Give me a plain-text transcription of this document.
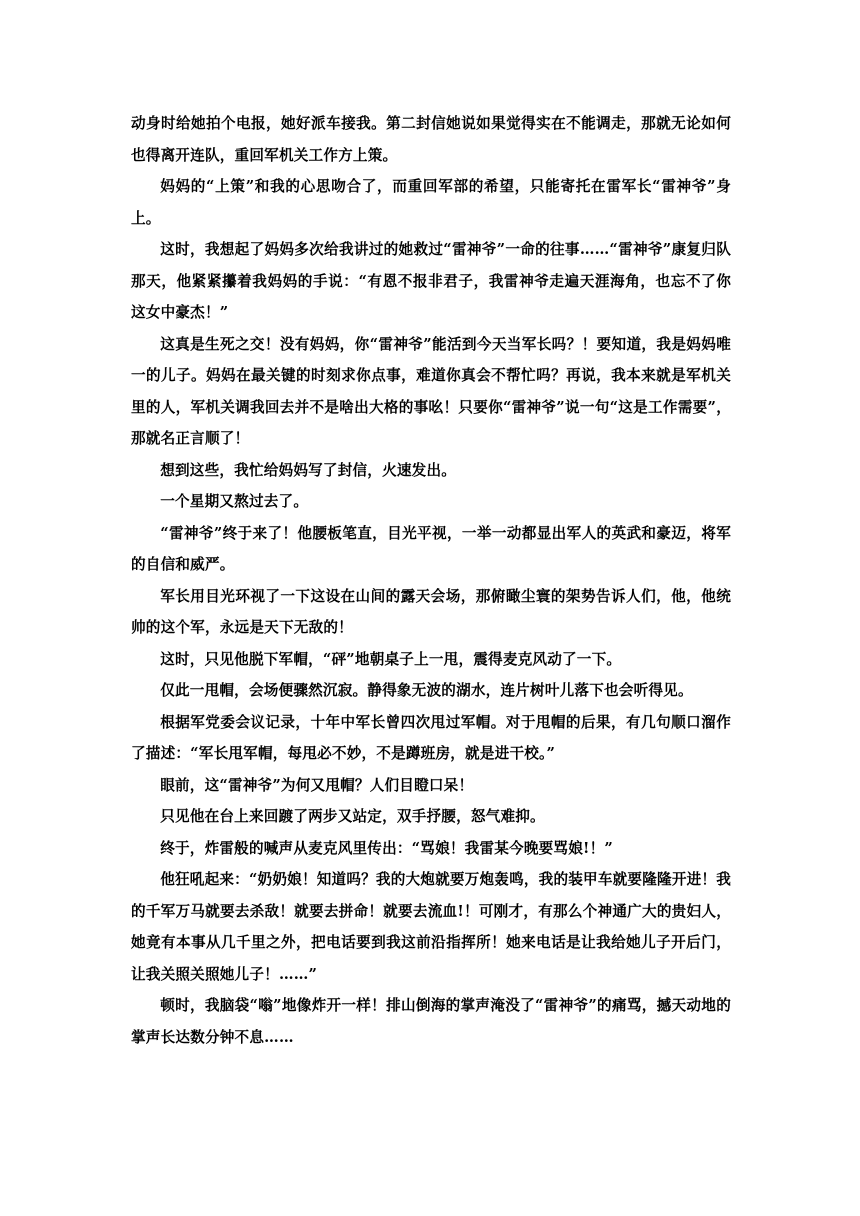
动身时给她拍个电报，她好派车接我。第二封信她说如果觉得实在不能调走，那就无论如何也得离开连队，重回军机关工作方上策。

妈妈的“上策”和我的心思吻合了，而重回军部的希望，只能寄托在雷军长“雷神爷”身上。

这时，我想起了妈妈多次给我讲过的她救过“雷神爷”一命的往事……“雷神爷”康复归队那天，他紧紧攥着我妈妈的手说：“有恩不报非君子，我雷神爷走遍天涯海角，也忘不了你这女中豪杰！”

这真是生死之交！没有妈妈，你“雷神爷”能活到今天当军长吗？！要知道，我是妈妈唯一的儿子。妈妈在最关键的时刻求你点事，难道你真会不帮忙吗？再说，我本来就是军机关里的人，军机关调我回去并不是啥出大格的事吆！只要你“雷神爷”说一句“这是工作需要”，那就名正言顺了！

想到这些，我忙给妈妈写了封信，火速发出。

一个星期又熬过去了。

“雷神爷”终于来了！他腰板笔直，目光平视，一举一动都显出军人的英武和豪迈，将军的自信和威严。

军长用目光环视了一下这设在山间的露天会场，那俯瞰尘寰的架势告诉人们，他，他统帅的这个军，永远是天下无敌的！

这时，只见他脱下军帽，“砰”地朝桌子上一甩，震得麦克风动了一下。

仅此一甩帽，会场便骤然沉寂。静得象无波的湖水，连片树叶儿落下也会听得见。

根据军党委会议记录，十年中军长曾四次甩过军帽。对于甩帽的后果，有几句顺口溜作了描述：“军长甩军帽，每甩必不妙，不是蹲班房，就是进干校。”

眼前，这“雷神爷”为何又甩帽？人们目瞪口呆！

只见他在台上来回踱了两步又站定，双手抒腰，怒气难抑。

终于，炸雷般的喊声从麦克风里传出：“骂娘！我雷某今晚要骂娘!！”

他狂吼起来：“奶奶娘！知道吗？我的大炮就要万炮轰鸣，我的装甲车就要隆隆开进！我的千军万马就要去杀敌！就要去拼命！就要去流血!！可刚才，有那么个神通广大的贵妇人，她竟有本事从几千里之外，把电话要到我这前沿指挥所！她来电话是让我给她儿子开后门，让我关照关照她儿子！……”

顿时，我脑袋“嗡”地像炸开一样！排山倒海的掌声淹没了“雷神爷”的痛骂，撼天动地的掌声长达数分钟不息……
